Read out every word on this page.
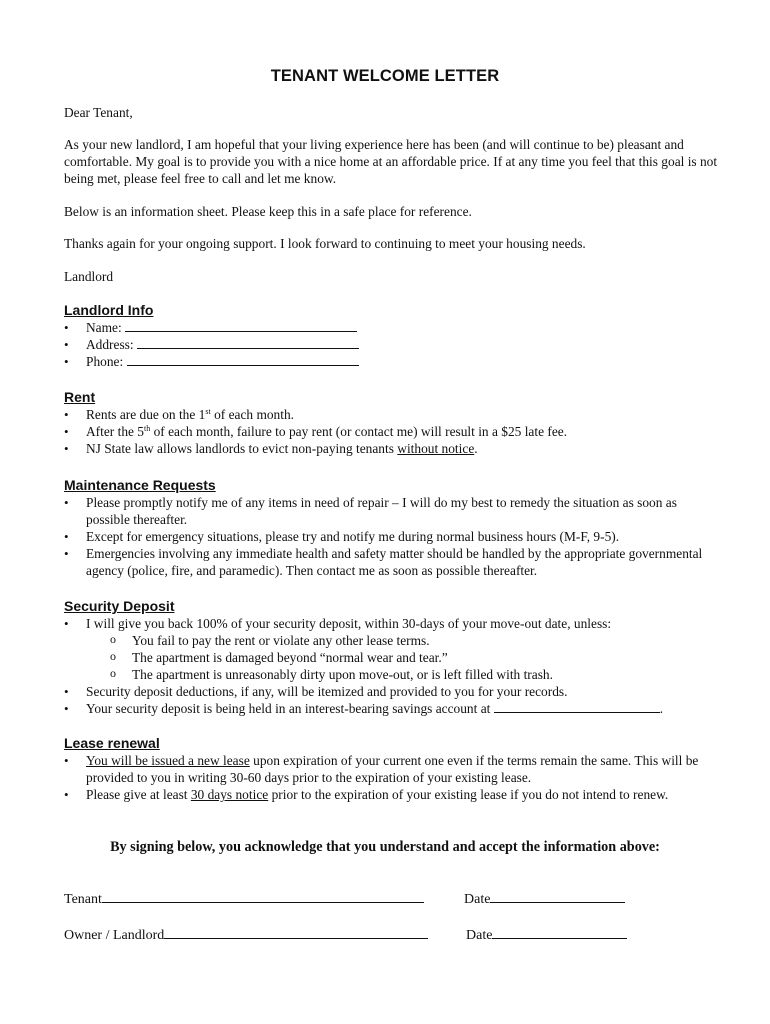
TENANT WELCOME LETTER

Dear Tenant,

As your new landlord, I am hopeful that your living experience here has been (and will continue to be) pleasant and comfortable. My goal is to provide you with a nice home at an affordable price. If at any time you feel that this goal is not being met, please feel free to call and let me know.

Below is an information sheet. Please keep this in a safe place for reference.

Thanks again for your ongoing support. I look forward to continuing to meet your housing needs.

Landlord

Landlord Info
• Name:
• Address:
• Phone:
Rent
• Rents are due on the 1st of each month.
• After the 5th of each month, failure to pay rent (or contact me) will result in a $25 late fee.
• NJ State law allows landlords to evict non-paying tenants without notice.
Maintenance Requests
• Please promptly notify me of any items in need of repair – I will do my best to remedy the situation as soon as possible thereafter.
• Except for emergency situations, please try and notify me during normal business hours (M-F, 9-5).
• Emergencies involving any immediate health and safety matter should be handled by the appropriate governmental agency (police, fire, and paramedic). Then contact me as soon as possible thereafter.
Security Deposit
• I will give you back 100% of your security deposit, within 30-days of your move-out date, unless:
o You fail to pay the rent or violate any other lease terms.
o The apartment is damaged beyond “normal wear and tear.”
o The apartment is unreasonably dirty upon move-out, or is left filled with trash.
• Security deposit deductions, if any, will be itemized and provided to you for your records.
• Your security deposit is being held in an interest-bearing savings account at	.
Lease renewal
• You will be issued a new lease upon expiration of your current one even if the terms remain the same. This will be provided to you in writing 30-60 days prior to the expiration of your existing lease.
• Please give at least 30 days notice prior to the expiration of your existing lease if you do not intend to renew.
By signing below, you acknowledge that you understand and accept the information above:
Tenant	Date
Owner / Landlord	Date
